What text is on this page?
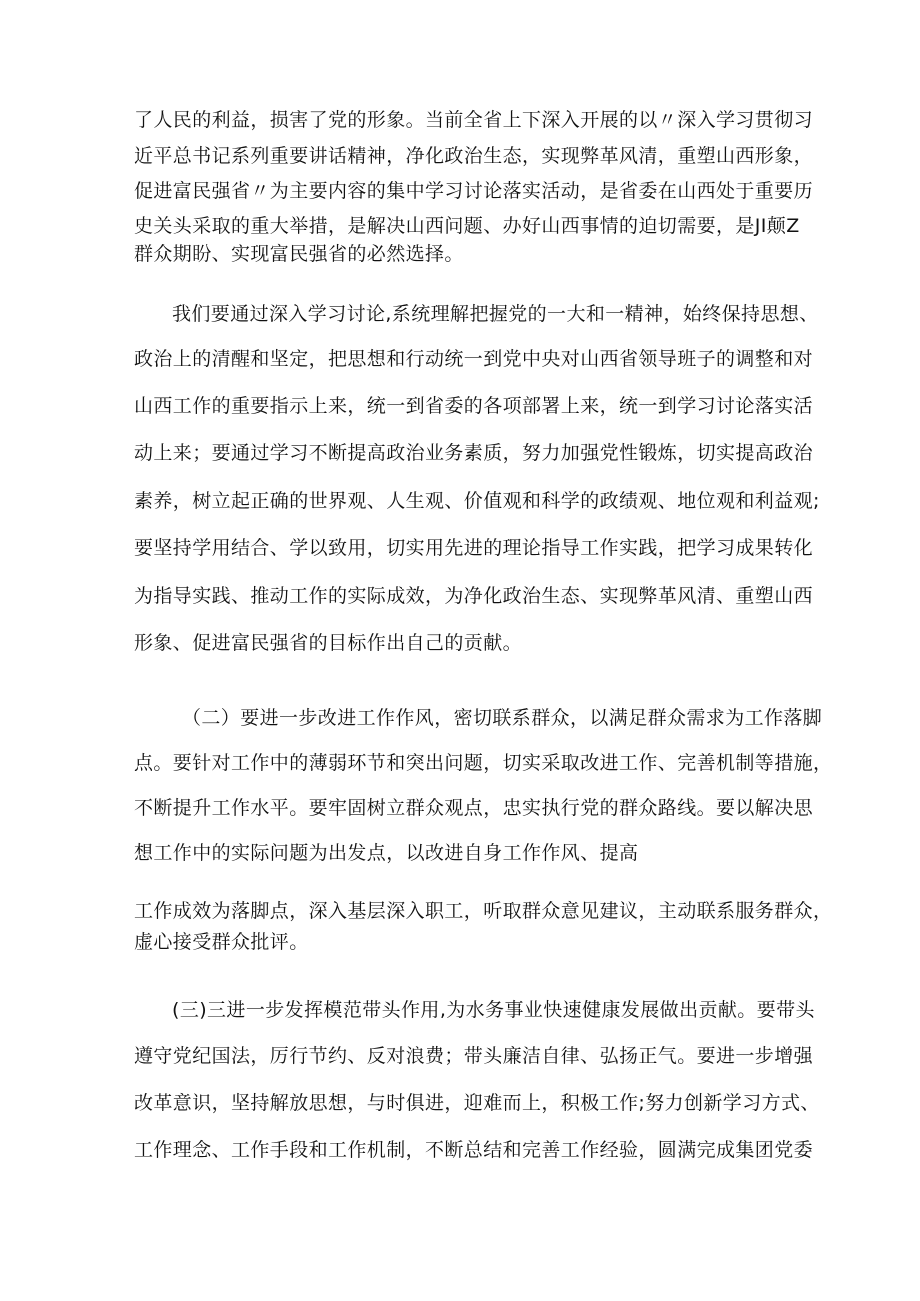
了人民的利益，损害了党的形象。当前全省上下深入开展的以〃深入学习贯彻习
近平总书记系列重要讲话精神，净化政治生态，实现弊革风清，重塑山西形象，
促进富民强省〃为主要内容的集中学习讨论落实活动，是省委在山西处于重要历
史关头采取的重大举措，是解决山西问题、办好山西事情的迫切需要，是JI颠Z
群众期盼、实现富民强省的必然选择。
我们要通过深入学习讨论,系统理解把握党的一大和一精神，始终保持思想、
政治上的清醒和坚定，把思想和行动统一到党中央对山西省领导班子的调整和对
山西工作的重要指示上来，统一到省委的各项部署上来，统一到学习讨论落实活
动上来；要通过学习不断提高政治业务素质，努力加强党性锻炼，切实提高政治
素养，树立起正确的世界观、人生观、价值观和科学的政绩观、地位观和利益观;
要坚持学用结合、学以致用，切实用先进的理论指导工作实践，把学习成果转化
为指导实践、推动工作的实际成效，为净化政治生态、实现弊革风清、重塑山西
形象、促进富民强省的目标作出自己的贡献。
（二）要进一步改进工作作风，密切联系群众，以满足群众需求为工作落脚
点。要针对工作中的薄弱环节和突出问题，切实采取改进工作、完善机制等措施，
不断提升工作水平。要牢固树立群众观点，忠实执行党的群众路线。要以解决思
想工作中的实际问题为出发点，以改进自身工作作风、提高
工作成效为落脚点，深入基层深入职工，听取群众意见建议，主动联系服务群众，
虚心接受群众批评。
(三)三进一步发挥模范带头作用,为水务事业快速健康发展做出贡献。要带头
遵守党纪国法，厉行节约、反对浪费；带头廉洁自律、弘扬正气。要进一步增强
改革意识，坚持解放思想，与时俱进，迎难而上，积极工作;努力创新学习方式、
工作理念、工作手段和工作机制，不断总结和完善工作经验，圆满完成集团党委
